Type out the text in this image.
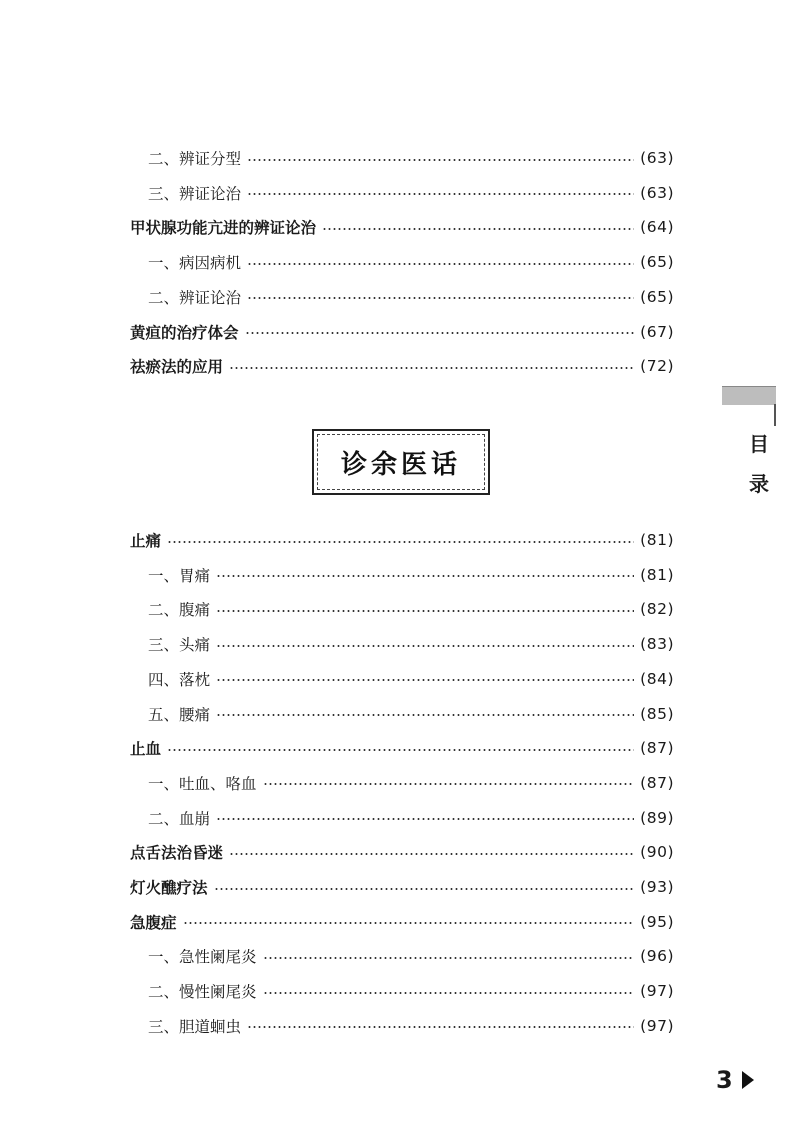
二、辨证分型	(63)
三、辨证论治	(63)
甲状腺功能亢进的辨证论治	(64)
一、病因病机	(65)
二、辨证论治	(65)
黄疸的治疗体会	(67)
祛瘀法的应用	(72)
诊余医话
止痛	(81)
一、胃痛	(81)
二、腹痛	(82)
三、头痛	(83)
四、落枕	(84)
五、腰痛	(85)
止血	(87)
一、吐血、咯血	(87)
二、血崩	(89)
点舌法治昏迷	(90)
灯火醮疗法	(93)
急腹症	(95)
一、急性阑尾炎	(96)
二、慢性阑尾炎	(97)
三、胆道蛔虫	(97)
目
录
3
